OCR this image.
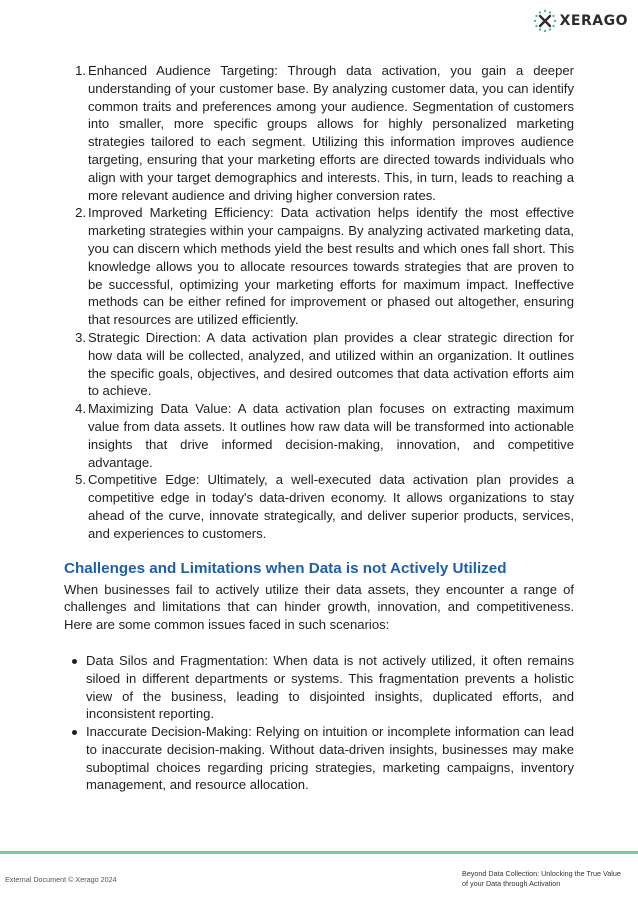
XERAGO
1. Enhanced Audience Targeting: Through data activation, you gain a deeper understanding of your customer base. By analyzing customer data, you can identify common traits and preferences among your audience. Segmentation of customers into smaller, more specific groups allows for highly personalized marketing strategies tailored to each segment. Utilizing this information improves audience targeting, ensuring that your marketing efforts are directed towards individuals who align with your target demographics and interests. This, in turn, leads to reaching a more relevant audience and driving higher conversion rates.
2. Improved Marketing Efficiency: Data activation helps identify the most effective marketing strategies within your campaigns. By analyzing activated marketing data, you can discern which methods yield the best results and which ones fall short. This knowledge allows you to allocate resources towards strategies that are proven to be successful, optimizing your marketing efforts for maximum impact. Ineffective methods can be either refined for improvement or phased out altogether, ensuring that resources are utilized efficiently.
3. Strategic Direction: A data activation plan provides a clear strategic direction for how data will be collected, analyzed, and utilized within an organization. It outlines the specific goals, objectives, and desired outcomes that data activation efforts aim to achieve.
4. Maximizing Data Value: A data activation plan focuses on extracting maximum value from data assets. It outlines how raw data will be transformed into actionable insights that drive informed decision-making, innovation, and competitive advantage.
5. Competitive Edge: Ultimately, a well-executed data activation plan provides a competitive edge in today's data-driven economy. It allows organizations to stay ahead of the curve, innovate strategically, and deliver superior products, services, and experiences to customers.
Challenges and Limitations when Data is not Actively Utilized

When businesses fail to actively utilize their data assets, they encounter a range of challenges and limitations that can hinder growth, innovation, and competitiveness. Here are some common issues faced in such scenarios:

Data Silos and Fragmentation: When data is not actively utilized, it often remains siloed in different departments or systems. This fragmentation prevents a holistic view of the business, leading to disjointed insights, duplicated efforts, and inconsistent reporting.
Inaccurate Decision-Making: Relying on intuition or incomplete information can lead to inaccurate decision-making. Without data-driven insights, businesses may make suboptimal choices regarding pricing strategies, marketing campaigns, inventory management, and resource allocation.
External Document © Xerago 2024
Beyond Data Collection: Unlocking the True Value of your Data through Activation
